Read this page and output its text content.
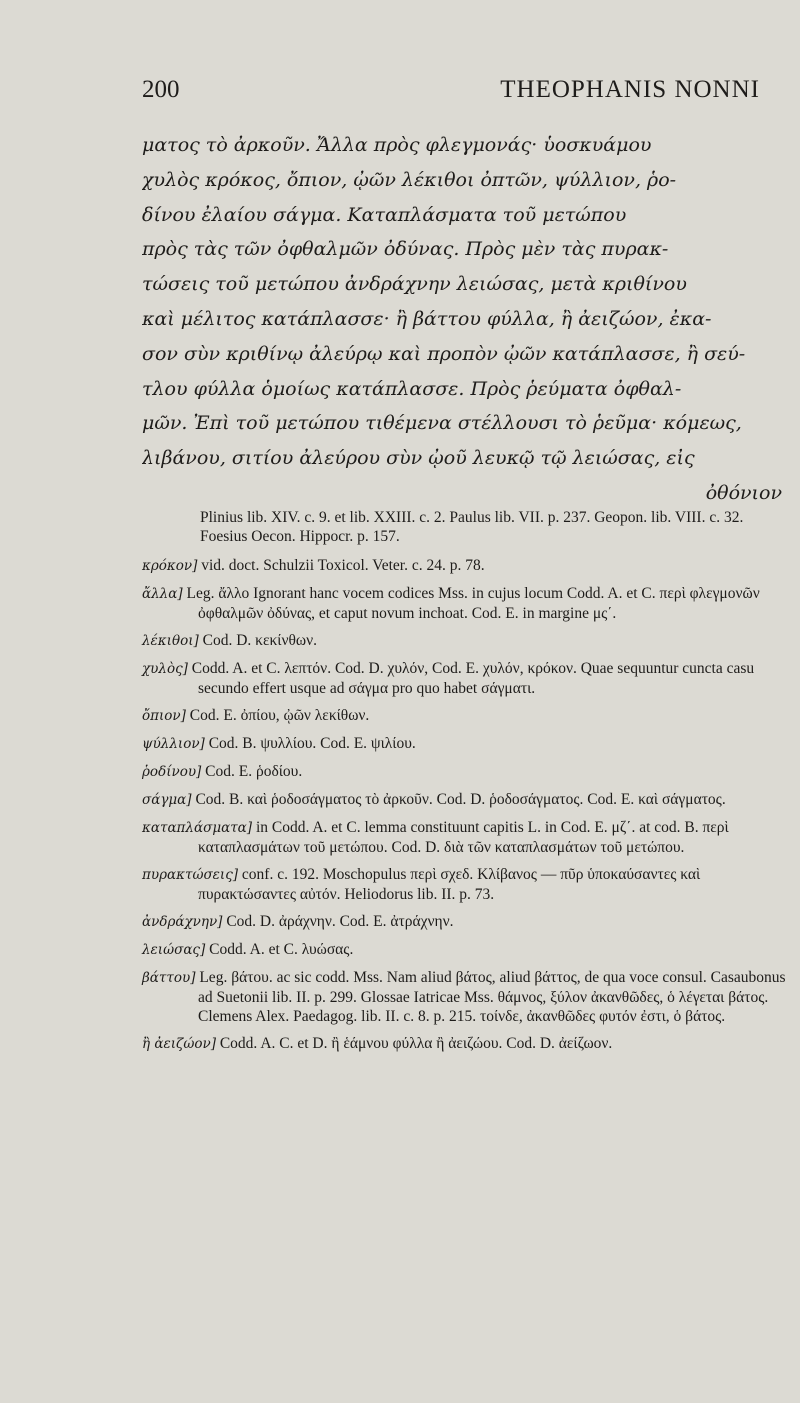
200	THEOPHANIS NONNI
ματος τὸ ἀρκοῦν. Ἄλλα πρὸς φλεγμονάς· ὑοσκυάμου
χυλὸς κρόκος, ὄπιον, ᾠῶν λέκιθοι ὀπτῶν, ψύλλιον, ῥο-
δίνου ἐλαίου σάγμα. Καταπλάσματα τοῦ μετώπου
πρὸς τὰς τῶν ὀφθαλμῶν ὀδύνας. Πρὸς μὲν τὰς πυρακ-
τώσεις τοῦ μετώπου ἀνδράχνην λειώσας, μετὰ κριθίνου
καὶ μέλιτος κατάπλασσε· ἢ βάττου φύλλα, ἢ ἀειζώον, ἐκα-
σον σὺν κριθίνῳ ἀλεύρῳ καὶ προπὸν ᾠῶν κατάπλασσε, ἢ σεύ-
τλου φύλλα ὁμοίως κατάπλασσε. Πρὸς ῥεύματα ὀφθαλ-
μῶν. Ἐπὶ τοῦ μετώπου τιθέμενα στέλλουσι τὸ ῥεῦμα· κόμεως,
λιβάνου, σιτίου ἀλεύρου σὺν ᾠοῦ λευκῷ τῷ λειώσας, εἰς
ὀθόνιον

Plinius lib. XIV. c. 9. et lib. XXIII. c. 2. Paulus lib. VII. p. 237. Geopon. lib. VIII. c. 32. Foesius Oecon. Hippocr. p. 157.

κρόκον] vid. doct. Schulzii Toxicol. Veter. c. 24. p. 78.

ἄλλα] Leg. ἄλλο Ignorant hanc vocem codices Mss. in cujus locum Codd. A. et C. περὶ φλεγμονῶν ὀφθαλμῶν ὀδύνας, et caput novum inchoat. Cod. E. in margine μς΄.

λέκιθοι] Cod. D. κεκίνθων.

χυλὸς] Codd. A. et C. λεπτόν. Cod. D. χυλόν, Cod. E. χυλόν, κρόκον. Quae sequuntur cuncta casu secundo effert usque ad σάγμα pro quo habet σάγματι.

ὄπιον] Cod. E. ὀπίου, ᾠῶν λεκίθων.

ψύλλιον] Cod. B. ψυλλίου. Cod. E. ψιλίου.

ῥοδίνου] Cod. E. ῥοδίου.

σάγμα] Cod. B. καὶ ῥοδοσάγματος τὸ ἀρκοῦν. Cod. D. ῥοδοσάγματος. Cod. E. καὶ σάγματος.

καταπλάσματα] in Codd. A. et C. lemma constituunt capitis L. in Cod. E. μζ΄. at cod. B. περὶ καταπλασμάτων τοῦ μετώπου. Cod. D. διὰ τῶν καταπλασμάτων τοῦ μετώπου.

πυρακτώσεις] conf. c. 192. Moschopulus περὶ σχεδ. Κλίβανος — πῦρ ὑποκαύσαντες καὶ πυρακτώσαντες αὐτόν. Heliodorus lib. II. p. 73.

ἀνδράχνην] Cod. D. ἀράχνην. Cod. E. ἀτράχνην.

λειώσας] Codd. A. et C. λυώσας.

βάττου] Leg. βάτου. ac sic codd. Mss. Nam aliud βάτος, aliud βάττος, de qua voce consul. Casaubonus ad Suetonii lib. II. p. 299. Glossae Iatricae Mss. θάμνος, ξύλον ἀκανθῶδες, ὁ λέγεται βάτος. Clemens Alex. Paedagog. lib. II. c. 8. p. 215. τοίνδε, ἀκανθῶδες φυτόν ἐστι, ὁ βάτος.

ἢ ἀειζώον] Codd. A. C. et D. ἢ ἑάμνου φύλλα ἢ ἀειζώου. Cod. D. ἀείζωον.
